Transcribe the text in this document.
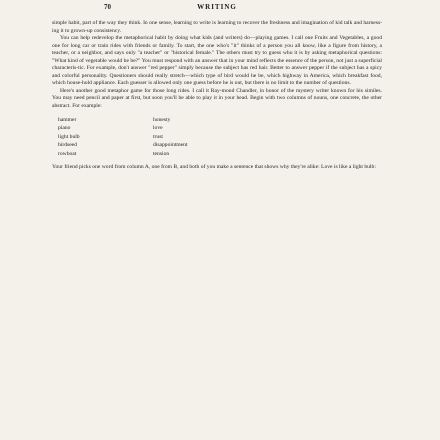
70	WRITING

simple habit, part of the way they think. In one sense, learning to write is learning to recover the freshness and imagination of kid talk and harness-ing it to grown-up consistency.

You can help redevelop the metaphorical habit by doing what kids (and writers) do—playing games. I call one Fruits and Vegetables, a good one for long car or train rides with friends or family. To start, the one who's "it" thinks of a person you all know, like a figure from history, a teacher, or a neighbor, and says only "a teacher" or "historical female." The others must try to guess who it is by asking metaphorical questions: "What kind of vegetable would he be?" You must respond with an answer that in your mind reflects the essence of the person, not just a superficial characteris-tic. For example, don't answer "red pepper" simply because the subject has red hair. Better to answer pepper if the subject has a spicy and colorful personality. Questioners should really stretch—which type of bird would he be, which highway in America, which breakfast food, which house-hold appliance. Each guesser is allowed only one guess before he is out, but there is no limit to the number of questions.

Here's another good metaphor game for those long rides. I call it Ray-mond Chandler, in honor of the mystery writer known for his similes. You may need pencil and paper at first, but soon you'll be able to play it in your head. Begin with two columns of nouns, one concrete, the other abstract. For example:

hammer	honesty
piano	love
light bulb	trust
birdseed	disappointment
rowboat	tension

Your friend picks one word from column A, one from B, and both of you make a sentence that shows why they're alike: Love is like a light bulb:
